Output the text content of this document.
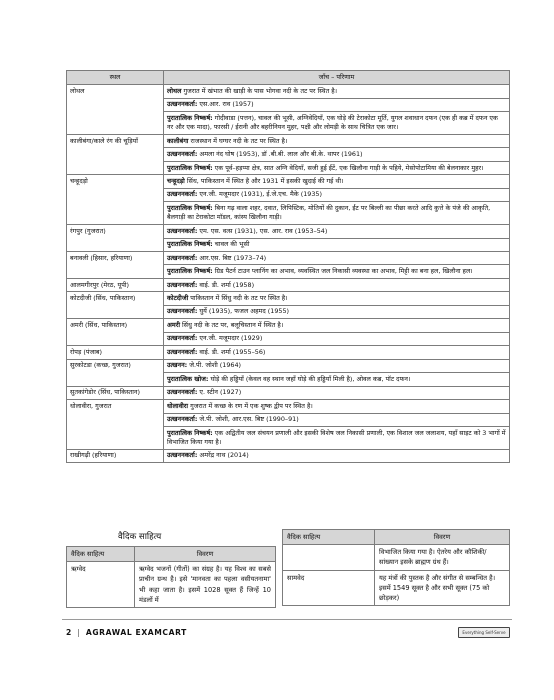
स्थल	जाँच – परिणाम
लोथल	लोथल गुजरात में खंभात की खाड़ी के पास भोगवा नदी के तट पर स्थित है।
	उत्खननकर्ता: एस.आर. राव (1957)
	पुरातात्विक निष्कर्ष: गोदीवाडा (पत्तन), चावल की भूसी, अग्निवेदियाँ, एक घोड़े की टेराकोटा मूर्ति, युगल शवाधान दफन (एक ही कब्र में दफन एक नर और एक मादा), फारसी / ईरानी और बहरीनियन मुहर, पक्षी और लोमड़ी के साथ चित्रित एक जार।
कालीबंगा/काले रंग की चूड़ियाँ	कालीबंगा राजस्थान में घग्घर नदी के तट पर स्थित है।
	उत्खननकर्ता: अमला नंद घोष (1953), डॉ .बी.बी. लाल और बी.के. थापर (1961)
	पुरातात्विक निष्कर्ष: एक पूर्व–हड़प्पा क्षेत्र, सात अग्नि वेदियाँ, सजी हुई ईंटें, एक खिलौना गाड़ी के पहिये, मेसोपोटामिया की बेलनाकार मुहर।
चन्हूदड़ो	चन्हूदड़ो सिंध, पाकिस्तान में स्थित है और 1931 में इसकी खुदाई की गई थी।
	उत्खननकर्ता: एन.जी. मजूमदार (1931), ई.जे.एच. मैके (1935)
	पुरातात्विक निष्कर्ष: बिना गढ़ वाला शहर, दवात, लिपिस्टिक, मोतियों की दुकान, ईंट पर बिल्ली का पीछा करते आदि कुत्ते के पंजे की आकृति, बैलगाड़ी का टेराकोटा मॉडल, कांस्य खिलौना गाड़ी।
रंगपुर (गुजरात)	उत्खननकर्ता: एम. एस. वत्स (1931), एस. आर. राव (1953–54)
	पुरातात्विक निष्कर्ष: चावल की भूसी
बनावली (हिसार, हरियाणा)	उत्खननकर्ता: आर.एस. बिष्ट (1973–74)
	पुरातात्विक निष्कर्ष: ग्रिड पैटर्न टाउन प्लानिंग का अभाव, व्यवस्थित जल निकासी व्यवस्था का अभाव, मिट्टी का बना हल, खिलौना हल।
आलमगीरपुर (मेरठ, यूपी)	उत्खननकर्ता: वाई. डी. शर्मा (1958)
कोटदीजी (सिंध, पाकिस्तान)	कोटदीजी पाकिस्तान में सिंधु नदी के तट पर स्थित है।
	उत्खननकर्ता: घुर्ये (1935), फजल अहमद (1955)
अमरी (सिंध, पाकिस्तान)	अमरी सिंधु नदी के तट पर, बलूचिस्तान में स्थित है।
	उत्खननकर्ता: एन.जी. मजूमदार (1929)
रोपड़ (पंजाब)	उत्खननकर्ता: वाई. डी. शर्मा (1955–56)
सुरकोटडा (कच्छ, गुजरात)	उत्खनन: जे.पी. जोशी (1964)
	पुरातात्विक खोज: घोड़े की हड्डियाँ (केवल वह स्थान जहाँ घोड़े की हड्डियाँ मिली है), ओवल कब्र, पॉट दफन।
सुतकांगेडोर (सिंध, पाकिस्तान)	उत्खननकर्ता: ए. स्टीन (1927)
धोलावीरा, गुजरात	धोलावीरा गुजरात में कच्छ के रण में एक शुष्क द्वीप पर स्थित है।
	उत्खननकर्ता: जे.पी. जोशी, आर.एस. बिष्ट (1990–91)
	पुरातात्विक निष्कर्ष: एक अद्वितीय जल संचयन प्रणाली और इसकी विशेष जल निकासी प्रणाली, एक विशाल जल जलाशय, यहाँ साइट को 3 भागों में विभाजित किया गया है।
राखीगढ़ी (हरियाणा)	उत्खननकर्ता: अमरेंद्र नाथ (2014)
वैदिक साहित्य
वैदिक साहित्य	विवरण
ऋग्वेद	ऋग्वेद भजनों (गीतों) का संग्रह है। यह विश्व का सबसे प्राचीन ग्रन्थ है। इसे 'मानवता का पहला वसीयतनामा' भी कहा जाता है। इसमें 1028 सूक्त हैं जिन्हें 10 मंडलों में
वैदिक साहित्य	विवरण
	विभाजित किया गया है। ऐतरेय और कौशिकी/सांख्यान इसके ब्राह्मण ग्रंथ हैं।
सामवेद	यह मंत्रों की पुस्तक है और संगीत से सम्बन्धित है। इसमें 1549 सूक्त है और सभी सूक्त (75 को छोड़कर)
2 | AGRAWAL EXAMCART	Everything Self-Serve
